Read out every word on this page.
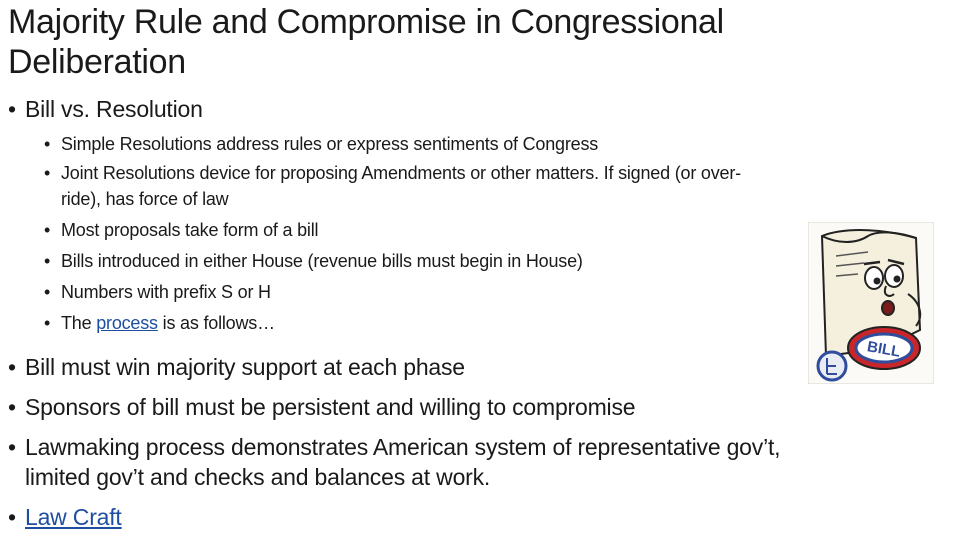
Majority Rule and Compromise in Congressional Deliberation
• Bill vs. Resolution
• Simple Resolutions address rules or express sentiments of Congress
• Joint Resolutions device for proposing Amendments or other matters. If signed (or over-
ride), has force of law
• Most proposals take form of a bill
• Bills introduced in either House (revenue bills must begin in House)
• Numbers with prefix S or H
• The process is as follows…
• Bill must win majority support at each phase
• Sponsors of bill must be persistent and willing to compromise
• Lawmaking process demonstrates American system of representative gov’t,
limited gov’t and checks and balances at work.
• Law Craft
BILL
